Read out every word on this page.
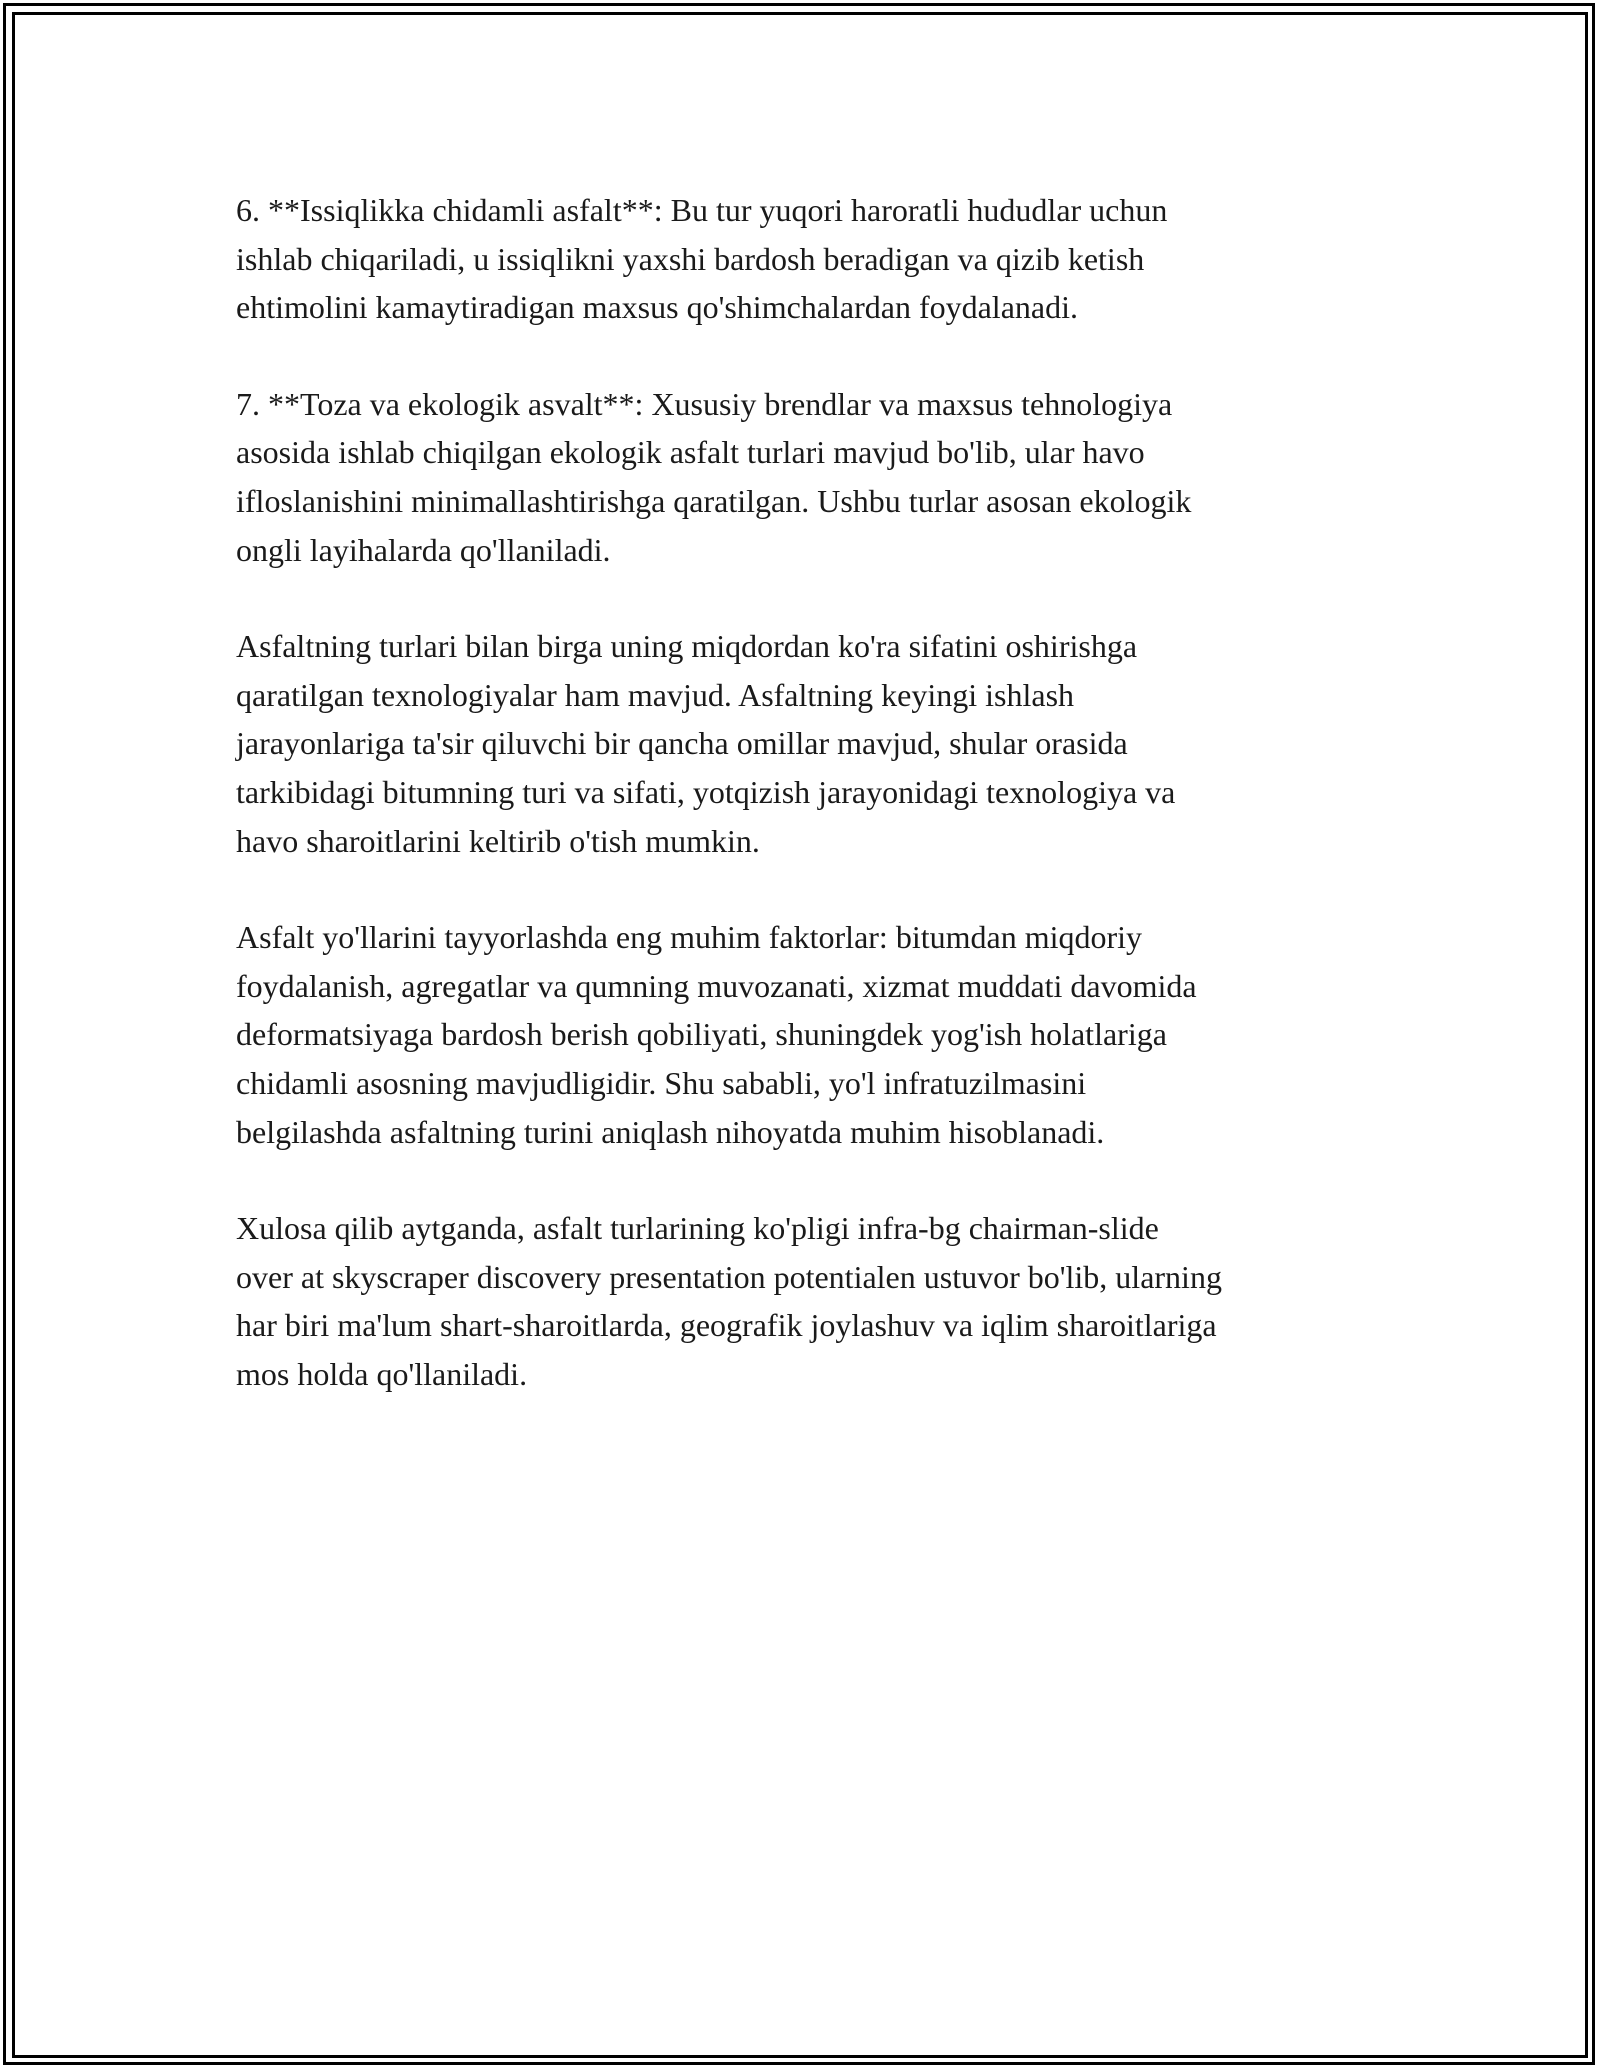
6. **Issiqlikka chidamli asfalt**: Bu tur yuqori haroratli hududlar uchun
ishlab chiqariladi, u issiqlikni yaxshi bardosh beradigan va qizib ketish
ehtimolini kamaytiradigan maxsus qo'shimchalardan foydalanadi.

7. **Toza va ekologik asvalt**: Xususiy brendlar va maxsus tehnologiya
asosida ishlab chiqilgan ekologik asfalt turlari mavjud bo'lib, ular havo
ifloslanishini minimallashtirishga qaratilgan. Ushbu turlar asosan ekologik
ongli layihalarda qo'llaniladi.

Asfaltning turlari bilan birga uning miqdordan ko'ra sifatini oshirishga
qaratilgan texnologiyalar ham mavjud. Asfaltning keyingi ishlash
jarayonlariga ta'sir qiluvchi bir qancha omillar mavjud, shular orasida
tarkibidagi bitumning turi va sifati, yotqizish jarayonidagi texnologiya va
havo sharoitlarini keltirib o'tish mumkin.

Asfalt yo'llarini tayyorlashda eng muhim faktorlar: bitumdan miqdoriy
foydalanish, agregatlar va qumning muvozanati, xizmat muddati davomida
deformatsiyaga bardosh berish qobiliyati, shuningdek yog'ish holatlariga
chidamli asosning mavjudligidir. Shu sababli, yo'l infratuzilmasini
belgilashda asfaltning turini aniqlash nihoyatda muhim hisoblanadi.

Xulosa qilib aytganda, asfalt turlarining ko'pligi infra-bg chairman-slide
over at skyscraper discovery presentation potentialen ustuvor bo'lib, ularning
har biri ma'lum shart-sharoitlarda, geografik joylashuv va iqlim sharoitlariga
mos holda qo'llaniladi.
